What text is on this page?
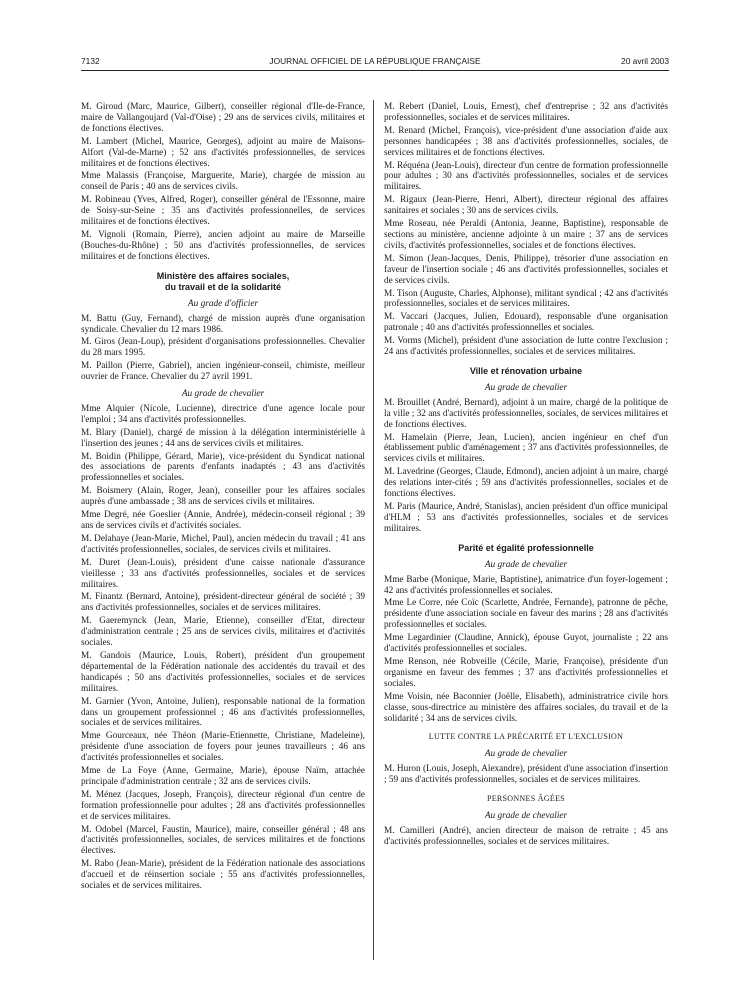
7132	JOURNAL OFFICIEL DE LA RÉPUBLIQUE FRANÇAISE	20 avril 2003

M. Giroud (Marc, Maurice, Gilbert), conseiller régional d'Ile-de-France, maire de Vallangoujard (Val-d'Oise) ; 29 ans de services civils, militaires et de fonctions électives.

M. Lambert (Michel, Maurice, Georges), adjoint au maire de Maisons-Alfort (Val-de-Marne) ; 52 ans d'activités professionnelles, de services militaires et de fonctions électives.

Mme Malassis (Françoise, Marguerite, Marie), chargée de mission au conseil de Paris ; 40 ans de services civils.

M. Robineau (Yves, Alfred, Roger), conseiller général de l'Essonne, maire de Soisy-sur-Seine ; 35 ans d'activités professionnelles, de services militaires et de fonctions électives.

M. Vignoli (Romain, Pierre), ancien adjoint au maire de Marseille (Bouches-du-Rhône) ; 50 ans d'activités professionnelles, de services militaires et de fonctions électives.

Ministère des affaires sociales,
du travail et de la solidarité
Au grade d'officier

M. Battu (Guy, Fernand), chargé de mission auprès d'une organisation syndicale. Chevalier du 12 mars 1986.

M. Giros (Jean-Loup), président d'organisations professionnelles. Chevalier du 28 mars 1995.

M. Paillon (Pierre, Gabriel), ancien ingénieur-conseil, chimiste, meilleur ouvrier de France. Chevalier du 27 avril 1991.

Au grade de chevalier

Mme Alquier (Nicole, Lucienne), directrice d'une agence locale pour l'emploi ; 34 ans d'activités professionnelles.

M. Blary (Daniel), chargé de mission à la délégation interministérielle à l'insertion des jeunes ; 44 ans de services civils et militaires.

M. Boidin (Philippe, Gérard, Marie), vice-président du Syndicat national des associations de parents d'enfants inadaptés ; 43 ans d'activités professionnelles et sociales.

M. Boismery (Alain, Roger, Jean), conseiller pour les affaires sociales auprès d'une ambassade ; 38 ans de services civils et militaires.

Mme Degré, née Goeslier (Annie, Andrée), médecin-conseil régional ; 39 ans de services civils et d'activités sociales.

M. Delahaye (Jean-Marie, Michel, Paul), ancien médecin du travail ; 41 ans d'activités professionnelles, sociales, de services civils et militaires.

M. Duret (Jean-Louis), président d'une caisse nationale d'assurance vieillesse ; 33 ans d'activités professionnelles, sociales et de services militaires.

M. Finantz (Bernard, Antoine), président-directeur général de société ; 39 ans d'activités professionnelles, sociales et de services militaires.

M. Gaeremynck (Jean, Marie, Etienne), conseiller d'Etat, directeur d'administration centrale ; 25 ans de services civils, militaires et d'activités sociales.

M. Gandois (Maurice, Louis, Robert), président d'un groupement départemental de la Fédération nationale des accidentés du travail et des handicapés ; 50 ans d'activités professionnelles, sociales et de services militaires.

M. Garnier (Yvon, Antoine, Julien), responsable national de la formation dans un groupement professionnel ; 46 ans d'activités professionnelles, sociales et de services militaires.

Mme Gourceaux, née Théon (Marie-Etiennette, Christiane, Madeleine), présidente d'une association de foyers pour jeunes travailleurs ; 46 ans d'activités professionnelles et sociales.

Mme de La Foye (Anne, Germaine, Marie), épouse Naïm, attachée principale d'administration centrale ; 32 ans de services civils.

M. Ménez (Jacques, Joseph, François), directeur régional d'un centre de formation professionnelle pour adultes ; 28 ans d'activités professionnelles et de services militaires.

M. Odobel (Marcel, Faustin, Maurice), maire, conseiller général ; 48 ans d'activités professionnelles, sociales, de services militaires et de fonctions électives.

M. Rabo (Jean-Marie), président de la Fédération nationale des associations d'accueil et de réinsertion sociale ; 55 ans d'activités professionnelles, sociales et de services militaires.

M. Rebert (Daniel, Louis, Ernest), chef d'entreprise ; 32 ans d'activités professionnelles, sociales et de services militaires.

M. Renard (Michel, François), vice-président d'une association d'aide aux personnes handicapées ; 38 ans d'activités professionnelles, sociales, de services militaires et de fonctions électives.

M. Réquéna (Jean-Louis), directeur d'un centre de formation professionnelle pour adultes ; 30 ans d'activités professionnelles, sociales et de services militaires.

M. Rigaux (Jean-Pierre, Henri, Albert), directeur régional des affaires sanitaires et sociales ; 30 ans de services civils.

Mme Roseau, née Peraldi (Antonia, Jeanne, Baptistine), responsable de sections au ministère, ancienne adjointe à un maire ; 37 ans de services civils, d'activités professionnelles, sociales et de fonctions électives.

M. Simon (Jean-Jacques, Denis, Philippe), trésorier d'une association en faveur de l'insertion sociale ; 46 ans d'activités professionnelles, sociales et de services civils.

M. Tison (Auguste, Charles, Alphonse), militant syndical ; 42 ans d'activités professionnelles, sociales et de services militaires.

M. Vaccari (Jacques, Julien, Edouard), responsable d'une organisation patronale ; 40 ans d'activités professionnelles et sociales.

M. Vorms (Michel), président d'une association de lutte contre l'exclusion ; 24 ans d'activités professionnelles, sociales et de services militaires.

Ville et rénovation urbaine
Au grade de chevalier

M. Brouillet (André, Bernard), adjoint à un maire, chargé de la politique de la ville ; 32 ans d'activités professionnelles, sociales, de services militaires et de fonctions électives.

M. Hamelain (Pierre, Jean, Lucien), ancien ingénieur en chef d'un établissement public d'aménagement ; 37 ans d'activités professionnelles, de services civils et militaires.

M. Lavedrine (Georges, Claude, Edmond), ancien adjoint à un maire, chargé des relations inter-cités ; 59 ans d'activités professionnelles, sociales et de fonctions électives.

M. Paris (Maurice, André, Stanislas), ancien président d'un office municipal d'HLM ; 53 ans d'activités professionnelles, sociales et de services militaires.

Parité et égalité professionnelle
Au grade de chevalier

Mme Barbe (Monique, Marie, Baptistine), animatrice d'un foyer-logement ; 42 ans d'activités professionnelles et sociales.

Mme Le Corre, née Coïc (Scarlette, Andrée, Fernande), patronne de pêche, présidente d'une association sociale en faveur des marins ; 28 ans d'activités professionnelles et sociales.

Mme Legardinier (Claudine, Annick), épouse Guyot, journaliste ; 22 ans d'activités professionnelles et sociales.

Mme Renson, née Robveille (Cécile, Marie, Françoise), présidente d'un organisme en faveur des femmes ; 37 ans d'activités professionnelles et sociales.

Mme Voisin, née Baconnier (Joëlle, Elisabeth), administratrice civile hors classe, sous-directrice au ministère des affaires sociales, du travail et de la solidarité ; 34 ans de services civils.

LUTTE CONTRE LA PRÉCARITÉ ET L'EXCLUSION
Au grade de chevalier

M. Huron (Louis, Joseph, Alexandre), président d'une association d'insertion ; 59 ans d'activités professionnelles, sociales et de services militaires.

PERSONNES ÂGÉES
Au grade de chevalier

M. Camilleri (André), ancien directeur de maison de retraite ; 45 ans d'activités professionnelles, sociales et de services militaires.
